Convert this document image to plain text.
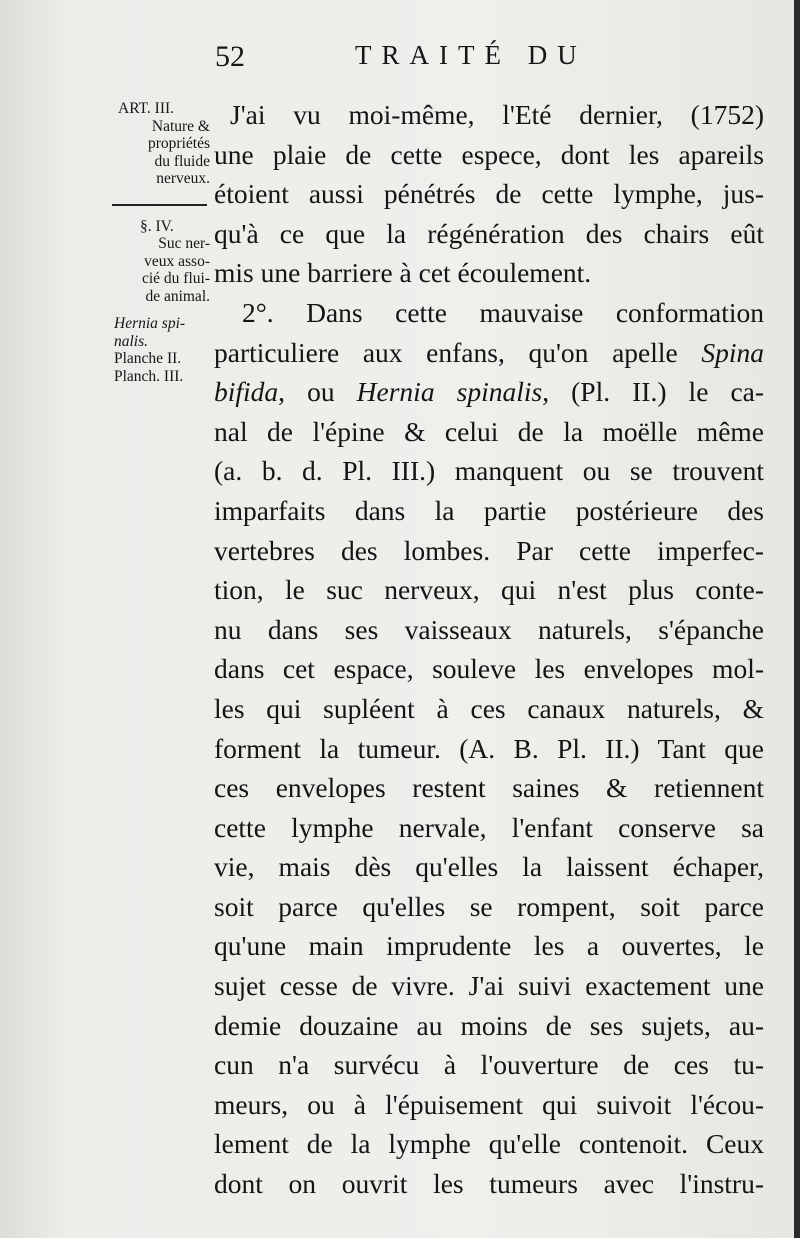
52	TRAITÉ DU
ART. III.
Nature &
propriétés
du fluide
nerveux.
§. IV.
Suc ner-
veux asso-
cié du flui-
de animal.
Hernia spi-
nalis.
Planche II.
Planch. III.
J'ai vu moi-même, l'Eté dernier, (1752)
une plaie de cette espece, dont les apareils
étoient aussi pénétrés de cette lymphe, jus-
qu'à ce que la régénération des chairs eût
mis une barriere à cet écoulement.
2°. Dans cette mauvaise conformation
particuliere aux enfans, qu'on apelle Spina
bifida, ou Hernia spinalis, (Pl. II.) le ca-
nal de l'épine & celui de la moëlle même
(a. b. d. Pl. III.) manquent ou se trouvent
imparfaits dans la partie postérieure des
vertebres des lombes. Par cette imperfec-
tion, le suc nerveux, qui n'est plus conte-
nu dans ses vaisseaux naturels, s'épanche
dans cet espace, souleve les envelopes mol-
les qui supléent à ces canaux naturels, &
forment la tumeur. (A. B. Pl. II.) Tant que
ces envelopes restent saines & retiennent
cette lymphe nervale, l'enfant conserve sa
vie, mais dès qu'elles la laissent échaper,
soit parce qu'elles se rompent, soit parce
qu'une main imprudente les a ouvertes, le
sujet cesse de vivre. J'ai suivi exactement une
demie douzaine au moins de ses sujets, au-
cun n'a survécu à l'ouverture de ces tu-
meurs, ou à l'épuisement qui suivoit l'écou-
lement de la lymphe qu'elle contenoit. Ceux
dont on ouvrit les tumeurs avec l'instru-
